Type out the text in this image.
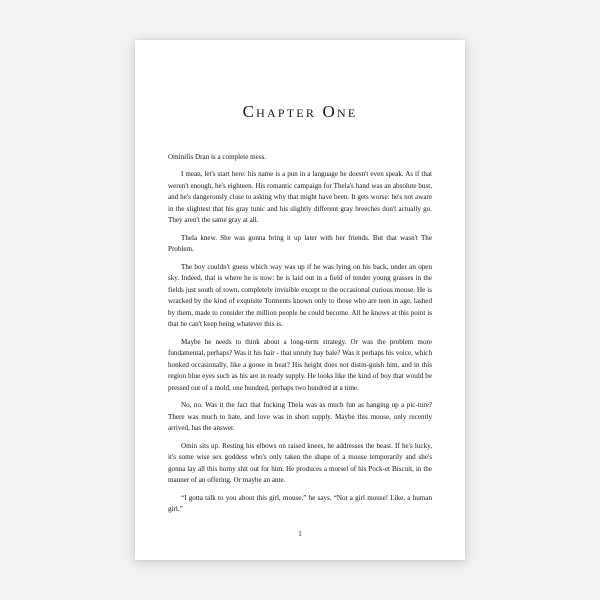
Chapter One

Ominifis Dran is a complete mess.

I mean, let's start here: his name is a pun in a language he doesn't even speak. As if that weren't enough, he's eighteen. His romantic campaign for Thela's hand was an absolute bust, and he's dangerously close to asking why that might have been. It gets worse: he's not aware in the slightest that his gray tunic and his slightly different gray breeches don't actually go. They aren't the same gray at all.

Thela knew. She was gonna bring it up later with her friends. But that wasn't The Problem.

The boy couldn't guess which way was up if he was lying on his back, under an open sky. Indeed, that is where he is now: he is laid out in a field of tender young grasses in the fields just south of town, completely invisible except to the occasional curious mouse. He is wracked by the kind of exquisite Torments known only to those who are teen in age, lashed by them, made to consider the million people he could become. All he knows at this point is that he can't keep being whatever this is.

Maybe he needs to think about a long-term strategy. Or was the problem more fundamental, perhaps? Was it his hair - that unruly hay bale? Was it perhaps his voice, which honked occasionally, like a goose in heat? His height does not distin-guish him, and in this region blue eyes such as his are in ready supply. He looks like the kind of boy that would be pressed out of a mold, one hundred, perhaps two hundred at a time.

No, no. Was it the fact that fucking Thela was as much fun as hanging up a pic-ture? There was much to hate, and love was in short supply. Maybe this mouse, only recently arrived, has the answer.

Omin sits up. Resting his elbows on raised knees, he addresses the beast. If he's lucky, it's some wise sex goddess who's only taken the shape of a mouse temporarily and she's gonna lay all this horny shit out for him. He produces a morsel of his Pock-et Biscuit, in the manner of an offering. Or maybe an ante.

“I gotta talk to you about this girl, mouse,” he says. “Not a girl mouse! Like, a human girl.”

1
